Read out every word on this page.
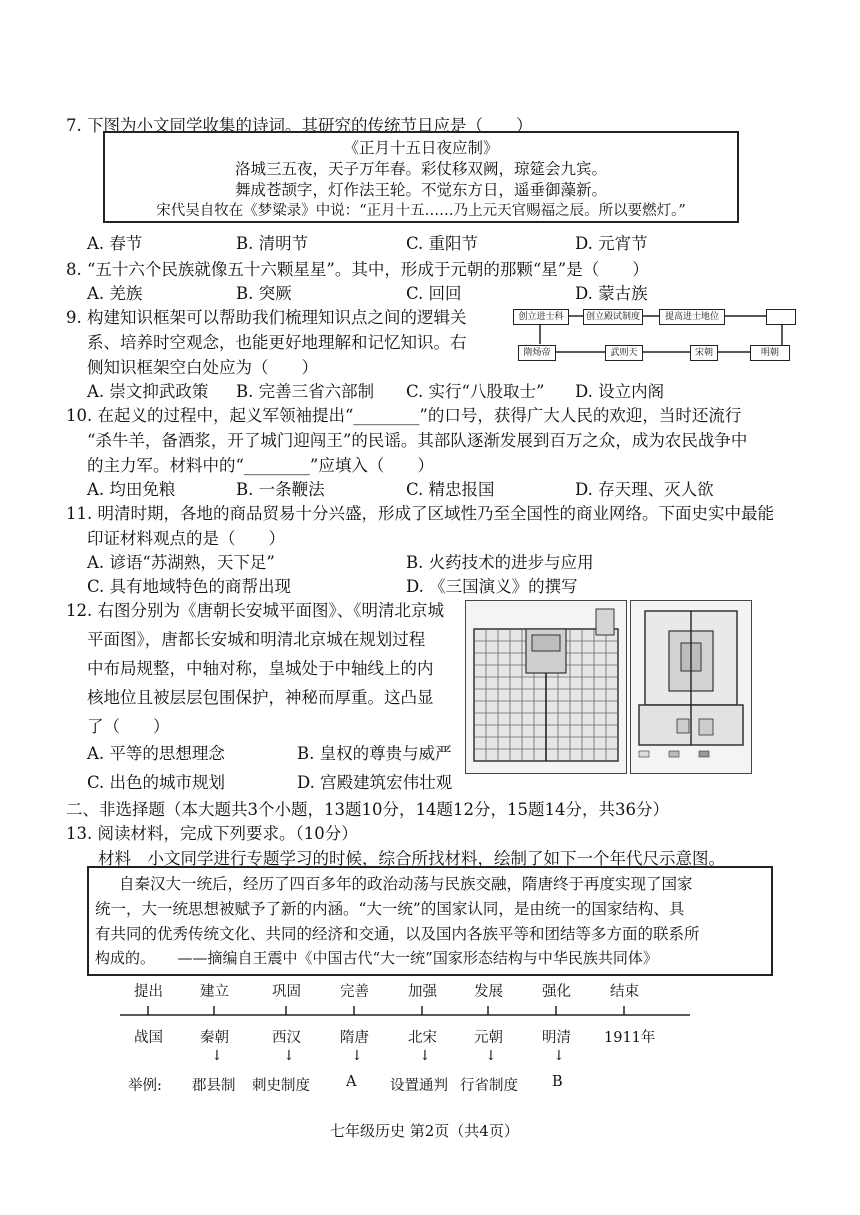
7. 下图为小文同学收集的诗词。其研究的传统节日应是（　　）
《正月十五日夜应制》
洛城三五夜，天子万年春。彩仗移双阙，琼筵会九宾。
舞成苍颉字，灯作法王轮。不觉东方日，遥垂御藻新。
宋代吴自牧在《梦粱录》中说：“正月十五……乃上元天官赐福之辰。所以要燃灯。”
A. 春节	B. 清明节	C. 重阳节	D. 元宵节
8. “五十六个民族就像五十六颗星星”。其中，形成于元朝的那颗“星”是（　　）
A. 羌族	B. 突厥	C. 回回	D. 蒙古族
9. 构建知识框架可以帮助我们梳理知识点之间的逻辑关
系、培养时空观念，也能更好地理解和记忆知识。右
侧知识框架空白处应为（　　）
创立进士科	创立殿试制度	提高进士地位
隋炀帝	武则天	宋朝	明朝
A. 崇文抑武政策 B. 完善三省六部制 C. 实行“八股取士” D. 设立内阁
10. 在起义的过程中，起义军领袖提出“________”的口号，获得广大人民的欢迎，当时还流行
“杀牛羊，备酒浆，开了城门迎闯王”的民谣。其部队逐渐发展到百万之众，成为农民战争中
的主力军。材料中的“________”应填入（　　）
A. 均田免粮	B. 一条鞭法	C. 精忠报国	D. 存天理、灭人欲
11. 明清时期，各地的商品贸易十分兴盛，形成了区域性乃至全国性的商业网络。下面史实中最能
印证材料观点的是（　　）
A. 谚语“苏湖熟，天下足”	B. 火药技术的进步与应用
C. 具有地域特色的商帮出现	D. 《三国演义》的撰写
12. 右图分别为《唐朝长安城平面图》、《明清北京城
平面图》，唐都长安城和明清北京城在规划过程
中布局规整，中轴对称，皇城处于中轴线上的内
核地位且被层层包围保护，神秘而厚重。这凸显
了（　　）
A. 平等的思想理念	B. 皇权的尊贵与威严
C. 出色的城市规划	D. 宫殿建筑宏伟壮观
二、非选择题（本大题共3个小题，13题10分，14题12分，15题14分，共36分）
13. 阅读材料，完成下列要求。（10分）
材料　小文同学进行专题学习的时候，综合所找材料，绘制了如下一个年代尺示意图。
自秦汉大一统后，经历了四百多年的政治动荡与民族交融，隋唐终于再度实现了国家
统一，大一统思想被赋予了新的内涵。“大一统”的国家认同，是由统一的国家结构、具
有共同的优秀传统文化、共同的经济和交通，以及国内各族平等和团结等多方面的联系所
构成的。　　——摘编自王震中《中国古代“大一统”国家形态结构与中华民族共同体》
提出	建立	巩固	完善	加强	发展	强化	结束
战国	秦朝	西汉	隋唐	北宋	元朝	明清 1911年
↓	↓	↓	↓	↓	↓
举例: 郡县制 刺史制度 A 设置通判 行省制度 B
七年级历史 第2页（共4页）
